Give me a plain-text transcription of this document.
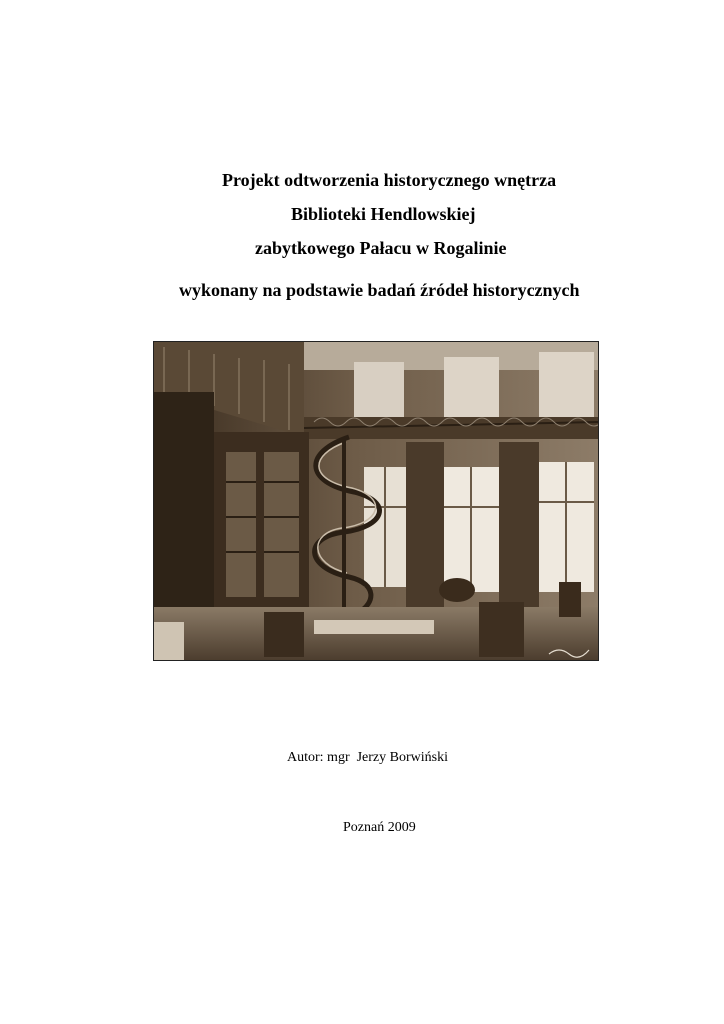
Projekt odtworzenia historycznego wnętrza
Biblioteki Hendlowskiej
zabytkowego Pałacu w Rogalinie
wykonany na podstawie badań źródeł historycznych
Autor: mgr  Jerzy Borwiński
Poznań 2009
